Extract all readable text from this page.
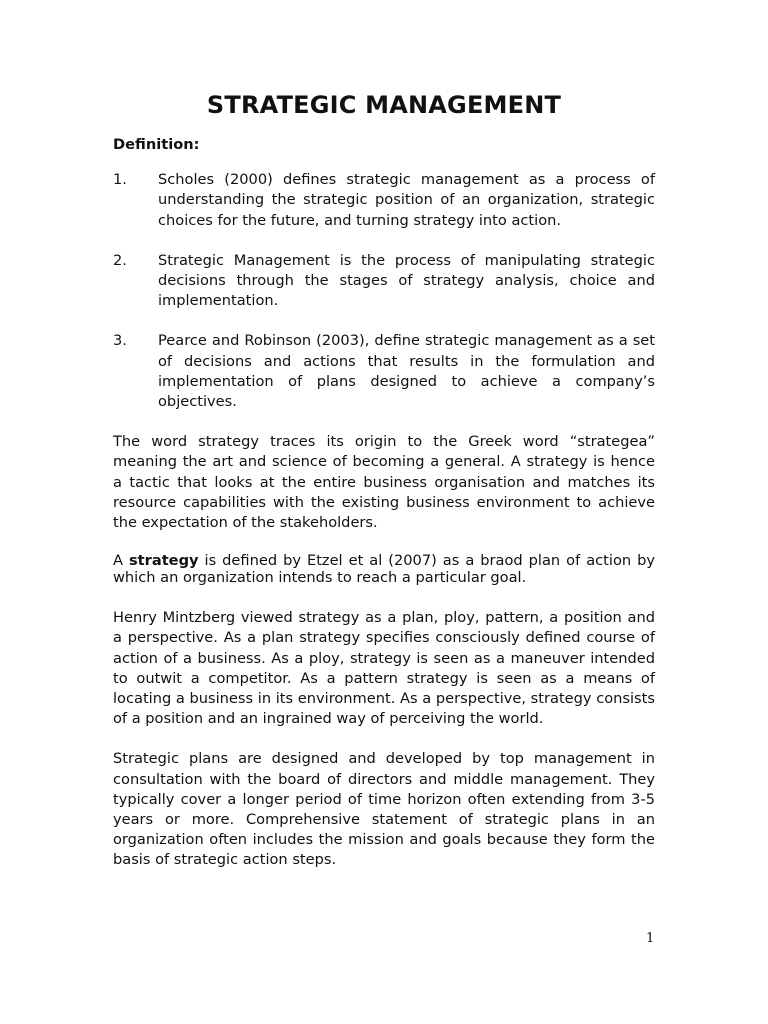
STRATEGIC MANAGEMENT
Definition:
1. Scholes (2000) defines strategic management as a process of understanding the strategic position of an organization, strategic choices for the future, and turning strategy into action.
2. Strategic Management is the process of manipulating strategic decisions through the stages of strategy analysis, choice and implementation.
3. Pearce and Robinson (2003), define strategic management as a set of decisions and actions that results in the formulation and implementation of plans designed to achieve a company’s objectives.
The word strategy traces its origin to the Greek word “strategea” meaning the art and science of becoming a general. A strategy is hence a tactic that looks at the entire business organisation and matches its resource capabilities with the existing business environment to achieve the expectation of the stakeholders.
A strategy is defined by Etzel et al (2007) as a braod plan of action by which an organization intends to reach a particular goal.
Henry Mintzberg viewed strategy as a plan, ploy, pattern, a position and a perspective. As a plan strategy specifies consciously defined course of action of a business. As a ploy, strategy is seen as a maneuver intended to outwit a competitor. As a pattern strategy is seen as a means of locating a business in its environment. As a perspective, strategy consists of a position and an ingrained way of perceiving the world.
Strategic plans are designed and developed by top management in consultation with the board of directors and middle management. They typically cover a longer period of time horizon often extending from 3-5 years or more. Comprehensive statement of strategic plans in an organization often includes the mission and goals because they form the basis of strategic action steps.
1
